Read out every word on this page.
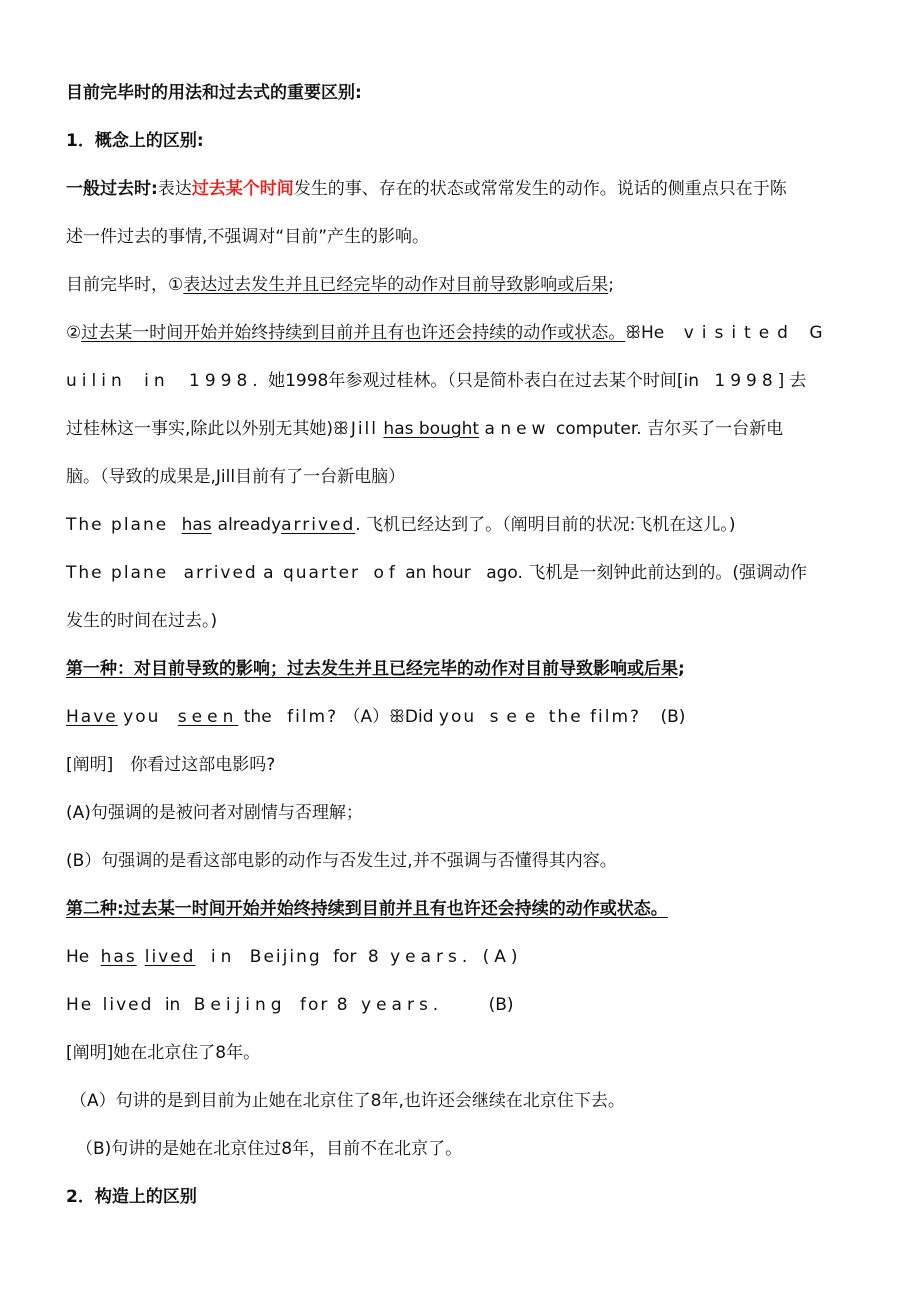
目前完毕时的用法和过去式的重要区别:
1．概念上的区别:
一般过去时:表达过去某个时间发生的事、存在的状态或常常发生的动作。说话的侧重点只在于陈
述一件过去的事情,不强调对“目前”产生的影响。
目前完毕时，①表达过去发生并且已经完毕的动作对目前导致影响或后果;
②过去某一时间开始并始终持续到目前并且有也许还会持续的动作或状态。ꕥHe visited G
uilin in 1998. 她1998年参观过桂林。（只是简朴表白在过去某个时间[in 1998]去
过桂林这一事实,除此以外别无其她)ꕥJill has bought a new computer. 吉尔买了一台新电
脑。（导致的成果是,Jill目前有了一台新电脑）
The plane has alreadyarrived. 飞机已经达到了。（阐明目前的状况:飞机在这儿。)
The plane arrived a quarter of an hour ago. 飞机是一刻钟此前达到的。(强调动作
发生的时间在过去。)
第一种：对目前导致的影响；过去发生并且已经完毕的动作对目前导致影响或后果;
Have you seen the film? （A）ꕥDid you see the film? (B)
[阐明]　你看过这部电影吗?
(A)句强调的是被问者对剧情与否理解；
(B）句强调的是看这部电影的动作与否发生过,并不强调与否懂得其内容。
第二种:过去某一时间开始并始终持续到目前并且有也许还会持续的动作或状态。
He has lived in Beijing for 8 years. (A)
He lived in Beijing for 8 years.	(B)
[阐明]她在北京住了8年。
（A）句讲的是到目前为止她在北京住了8年,也许还会继续在北京住下去。
（B)句讲的是她在北京住过8年，目前不在北京了。
2．构造上的区别
